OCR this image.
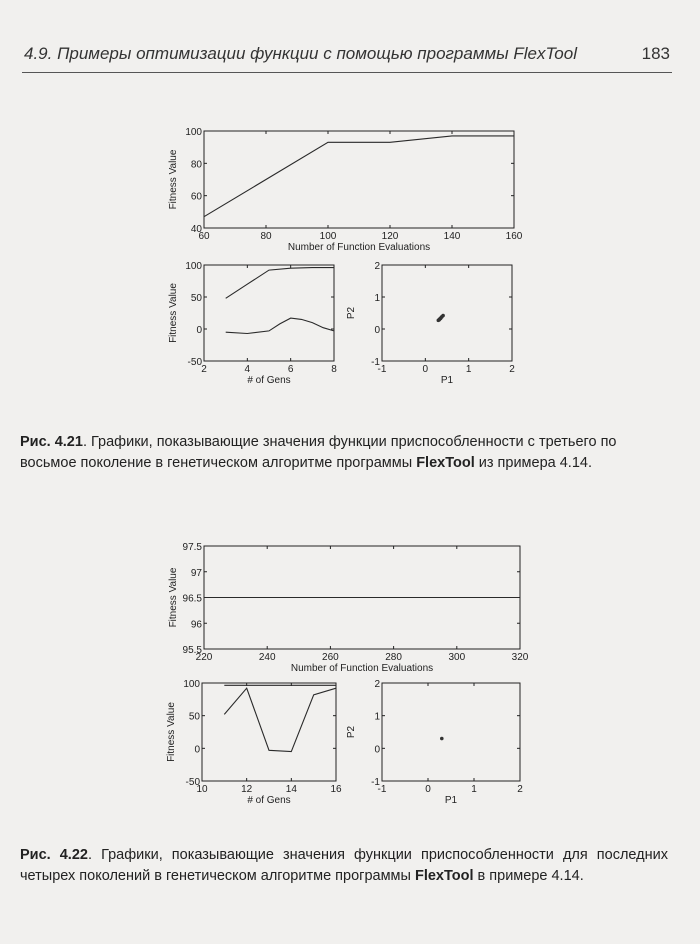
4.9. Примеры оптимизации функции с помощью программы FlexTool	183
60	80	100	120	140	160
40
60
80
100
Number of Function Evaluations
Fitness Value
2	4	6	8
-50
0
50
100
# of Gens
Fitness Value
-1	0	1	2
-1
0
1
2
P1
P2
Рис. 4.21. Графики, показывающие значения функции приспособленности с третьего по восьмое поколение в генетическом алгоритме программы FlexTool из примера 4.14.
220	240	260	280	300	320
95.5
96
96.5
97
97.5
Number of Function Evaluations
Fitness Value
10	12	14	16
-50
0
50
100
# of Gens
Fitness Value
-1	0	1	2
-1
0
1
2
P1
P2
Рис. 4.22. Графики, показывающие значения функции приспособленности для последних четырех поколений в генетическом алгоритме программы FlexTool в примере 4.14.
